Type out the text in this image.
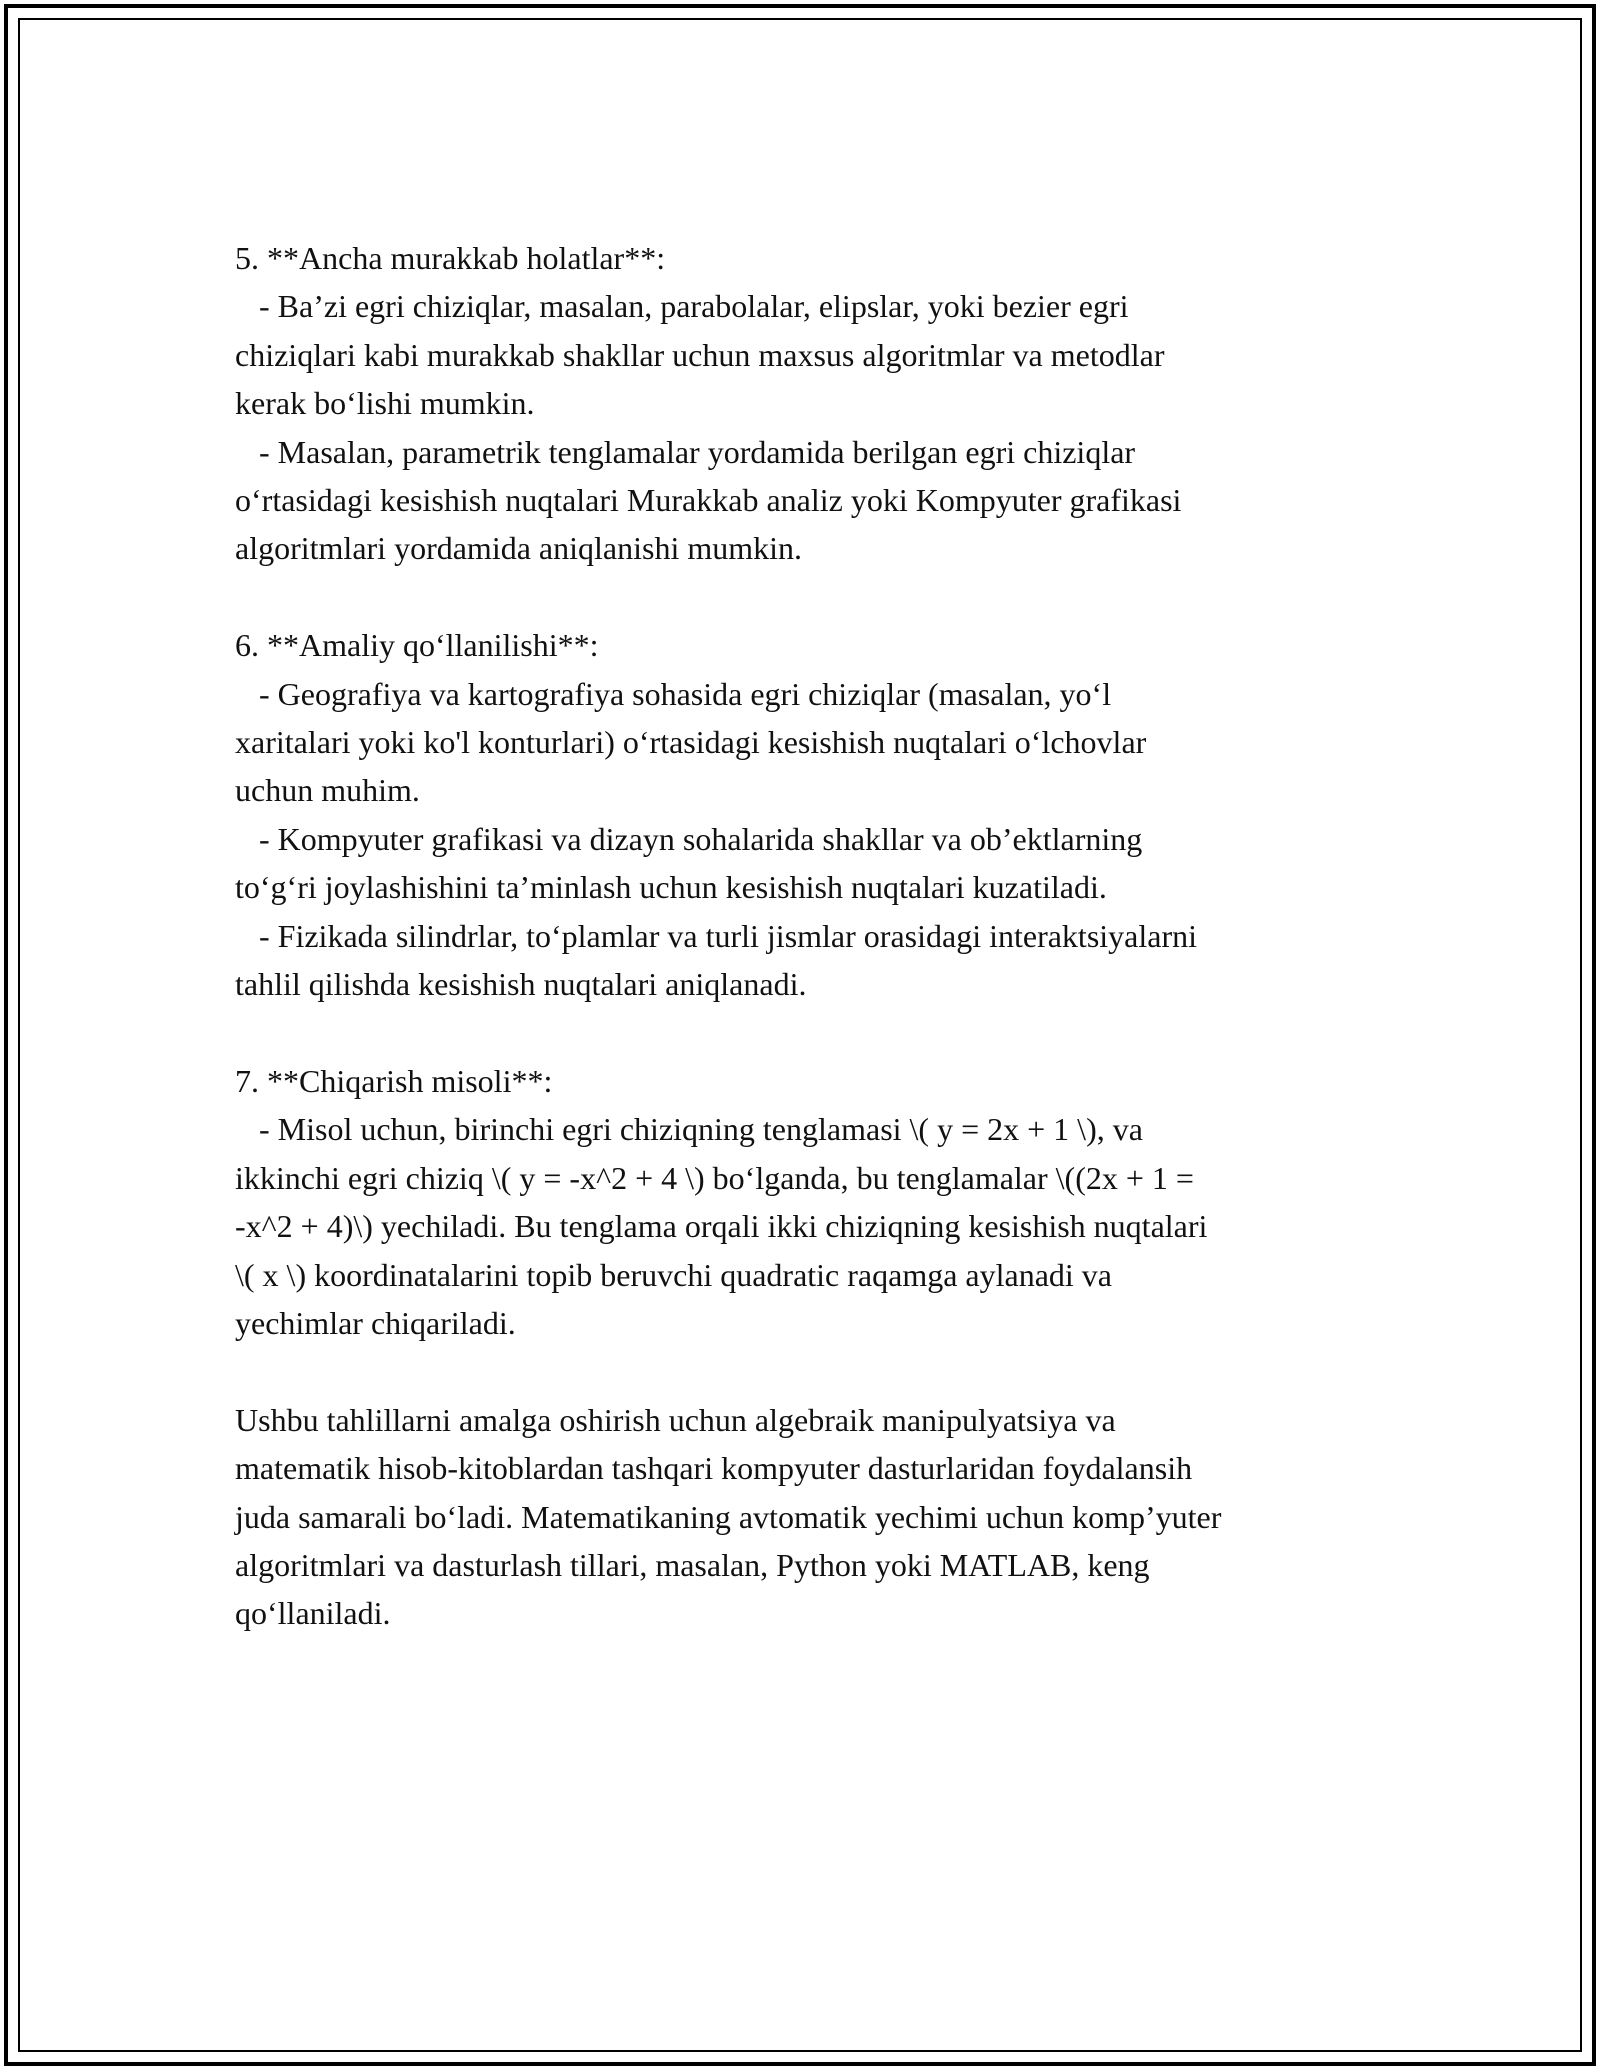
5. **Ancha murakkab holatlar**:

- Ba’zi egri chiziqlar, masalan, parabolalar, elipslar, yoki bezier egri

chiziqlari kabi murakkab shakllar uchun maxsus algoritmlar va metodlar

kerak bo‘lishi mumkin.

- Masalan, parametrik tenglamalar yordamida berilgan egri chiziqlar

o‘rtasidagi kesishish nuqtalari Murakkab analiz yoki Kompyuter grafikasi

algoritmlari yordamida aniqlanishi mumkin.

6. **Amaliy qo‘llanilishi**:

- Geografiya va kartografiya sohasida egri chiziqlar (masalan, yo‘l

xaritalari yoki ko'l konturlari) o‘rtasidagi kesishish nuqtalari o‘lchovlar

uchun muhim.

- Kompyuter grafikasi va dizayn sohalarida shakllar va ob’ektlarning

to‘g‘ri joylashishini ta’minlash uchun kesishish nuqtalari kuzatiladi.

- Fizikada silindrlar, to‘plamlar va turli jismlar orasidagi interaktsiyalarni

tahlil qilishda kesishish nuqtalari aniqlanadi.

7. **Chiqarish misoli**:

- Misol uchun, birinchi egri chiziqning tenglamasi \( y = 2x + 1 \), va

ikkinchi egri chiziq \( y = -x^2 + 4 \) bo‘lganda, bu tenglamalar \((2x + 1 =

-x^2 + 4)\) yechiladi. Bu tenglama orqali ikki chiziqning kesishish nuqtalari

\( x \) koordinatalarini topib beruvchi quadratic raqamga aylanadi va

yechimlar chiqariladi.

Ushbu tahlillarni amalga oshirish uchun algebraik manipulyatsiya va

matematik hisob-kitoblardan tashqari kompyuter dasturlaridan foydalansih

juda samarali bo‘ladi. Matematikaning avtomatik yechimi uchun komp’yuter

algoritmlari va dasturlash tillari, masalan, Python yoki MATLAB, keng

qo‘llaniladi.
